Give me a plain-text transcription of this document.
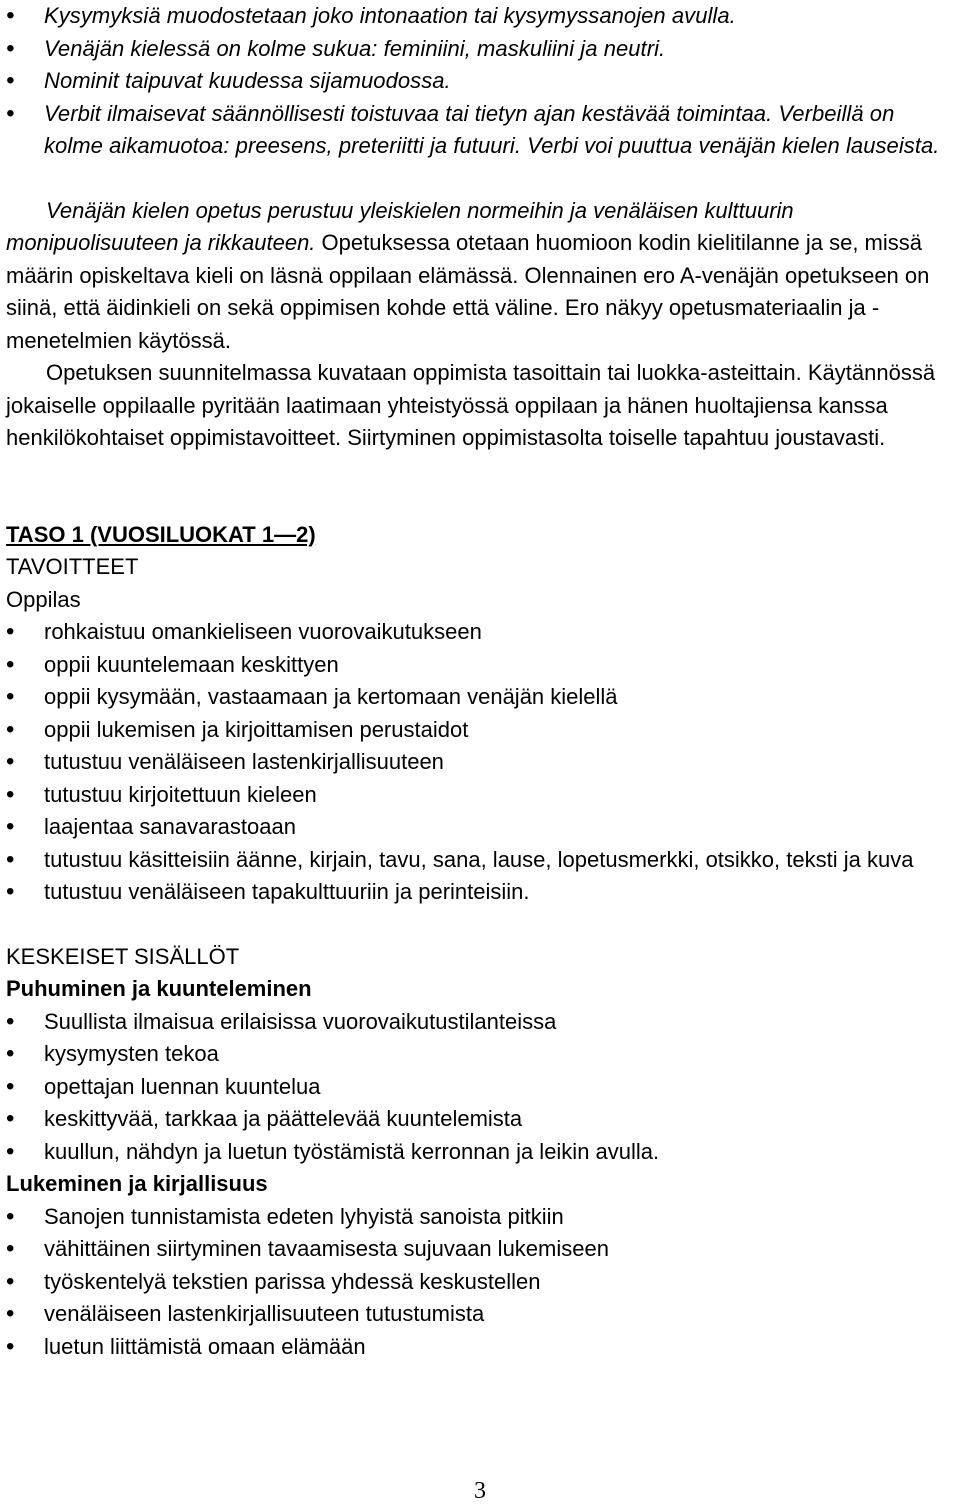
• Kysymyksiä muodostetaan joko intonaation tai kysymyssanojen avulla.
• Venäjän kielessä on kolme sukua: feminiini, maskuliini ja neutri.
• Nominit taipuvat kuudessa sijamuodossa.
• Verbit ilmaisevat säännöllisesti toistuvaa tai tietyn ajan kestävää toimintaa. Verbeillä on kolme aikamuotoa: preesens, preteriitti ja futuuri. Verbi voi puuttua venäjän kielen lauseista.
Venäjän kielen opetus perustuu yleiskielen normeihin ja venäläisen kulttuurin monipuolisuuteen ja rikkauteen. Opetuksessa otetaan huomioon kodin kielitilanne ja se, missä määrin opiskeltava kieli on läsnä oppilaan elämässä. Olennainen ero A-venäjän opetukseen on siinä, että äidinkieli on sekä oppimisen kohde että väline. Ero näkyy opetusmateriaalin ja -menetelmien käytössä.
Opetuksen suunnitelmassa kuvataan oppimista tasoittain tai luokka-asteittain. Käytännössä jokaiselle oppilaalle pyritään laatimaan yhteistyössä oppilaan ja hänen huoltajiensa kanssa henkilökohtaiset oppimistavoitteet. Siirtyminen oppimistasolta toiselle tapahtuu joustavasti.
TASO 1 (VUOSILUOKAT 1—2)
TAVOITTEET
Oppilas
• rohkaistuu omankieliseen vuorovaikutukseen
• oppii kuuntelemaan keskittyen
• oppii kysymään, vastaamaan ja kertomaan venäjän kielellä
• oppii lukemisen ja kirjoittamisen perustaidot
• tutustuu venäläiseen lastenkirjallisuuteen
• tutustuu kirjoitettuun kieleen
• laajentaa sanavarastoaan
• tutustuu käsitteisiin äänne, kirjain, tavu, sana, lause, lopetusmerkki, otsikko, teksti ja kuva
• tutustuu venäläiseen tapakulttuuriin ja perinteisiin.
KESKEISET SISÄLLÖT
Puhuminen ja kuunteleminen
• Suullista ilmaisua erilaisissa vuorovaikutustilanteissa
• kysymysten tekoa
• opettajan luennan kuuntelua
• keskittyvää, tarkkaa ja päättelevää kuuntelemista
• kuullun, nähdyn ja luetun työstämistä kerronnan ja leikin avulla.
Lukeminen ja kirjallisuus
• Sanojen tunnistamista edeten lyhyistä sanoista pitkiin
• vähittäinen siirtyminen tavaamisesta sujuvaan lukemiseen
• työskentelyä tekstien parissa yhdessä keskustellen
• venäläiseen lastenkirjallisuuteen tutustumista
• luetun liittämistä omaan elämään
3
